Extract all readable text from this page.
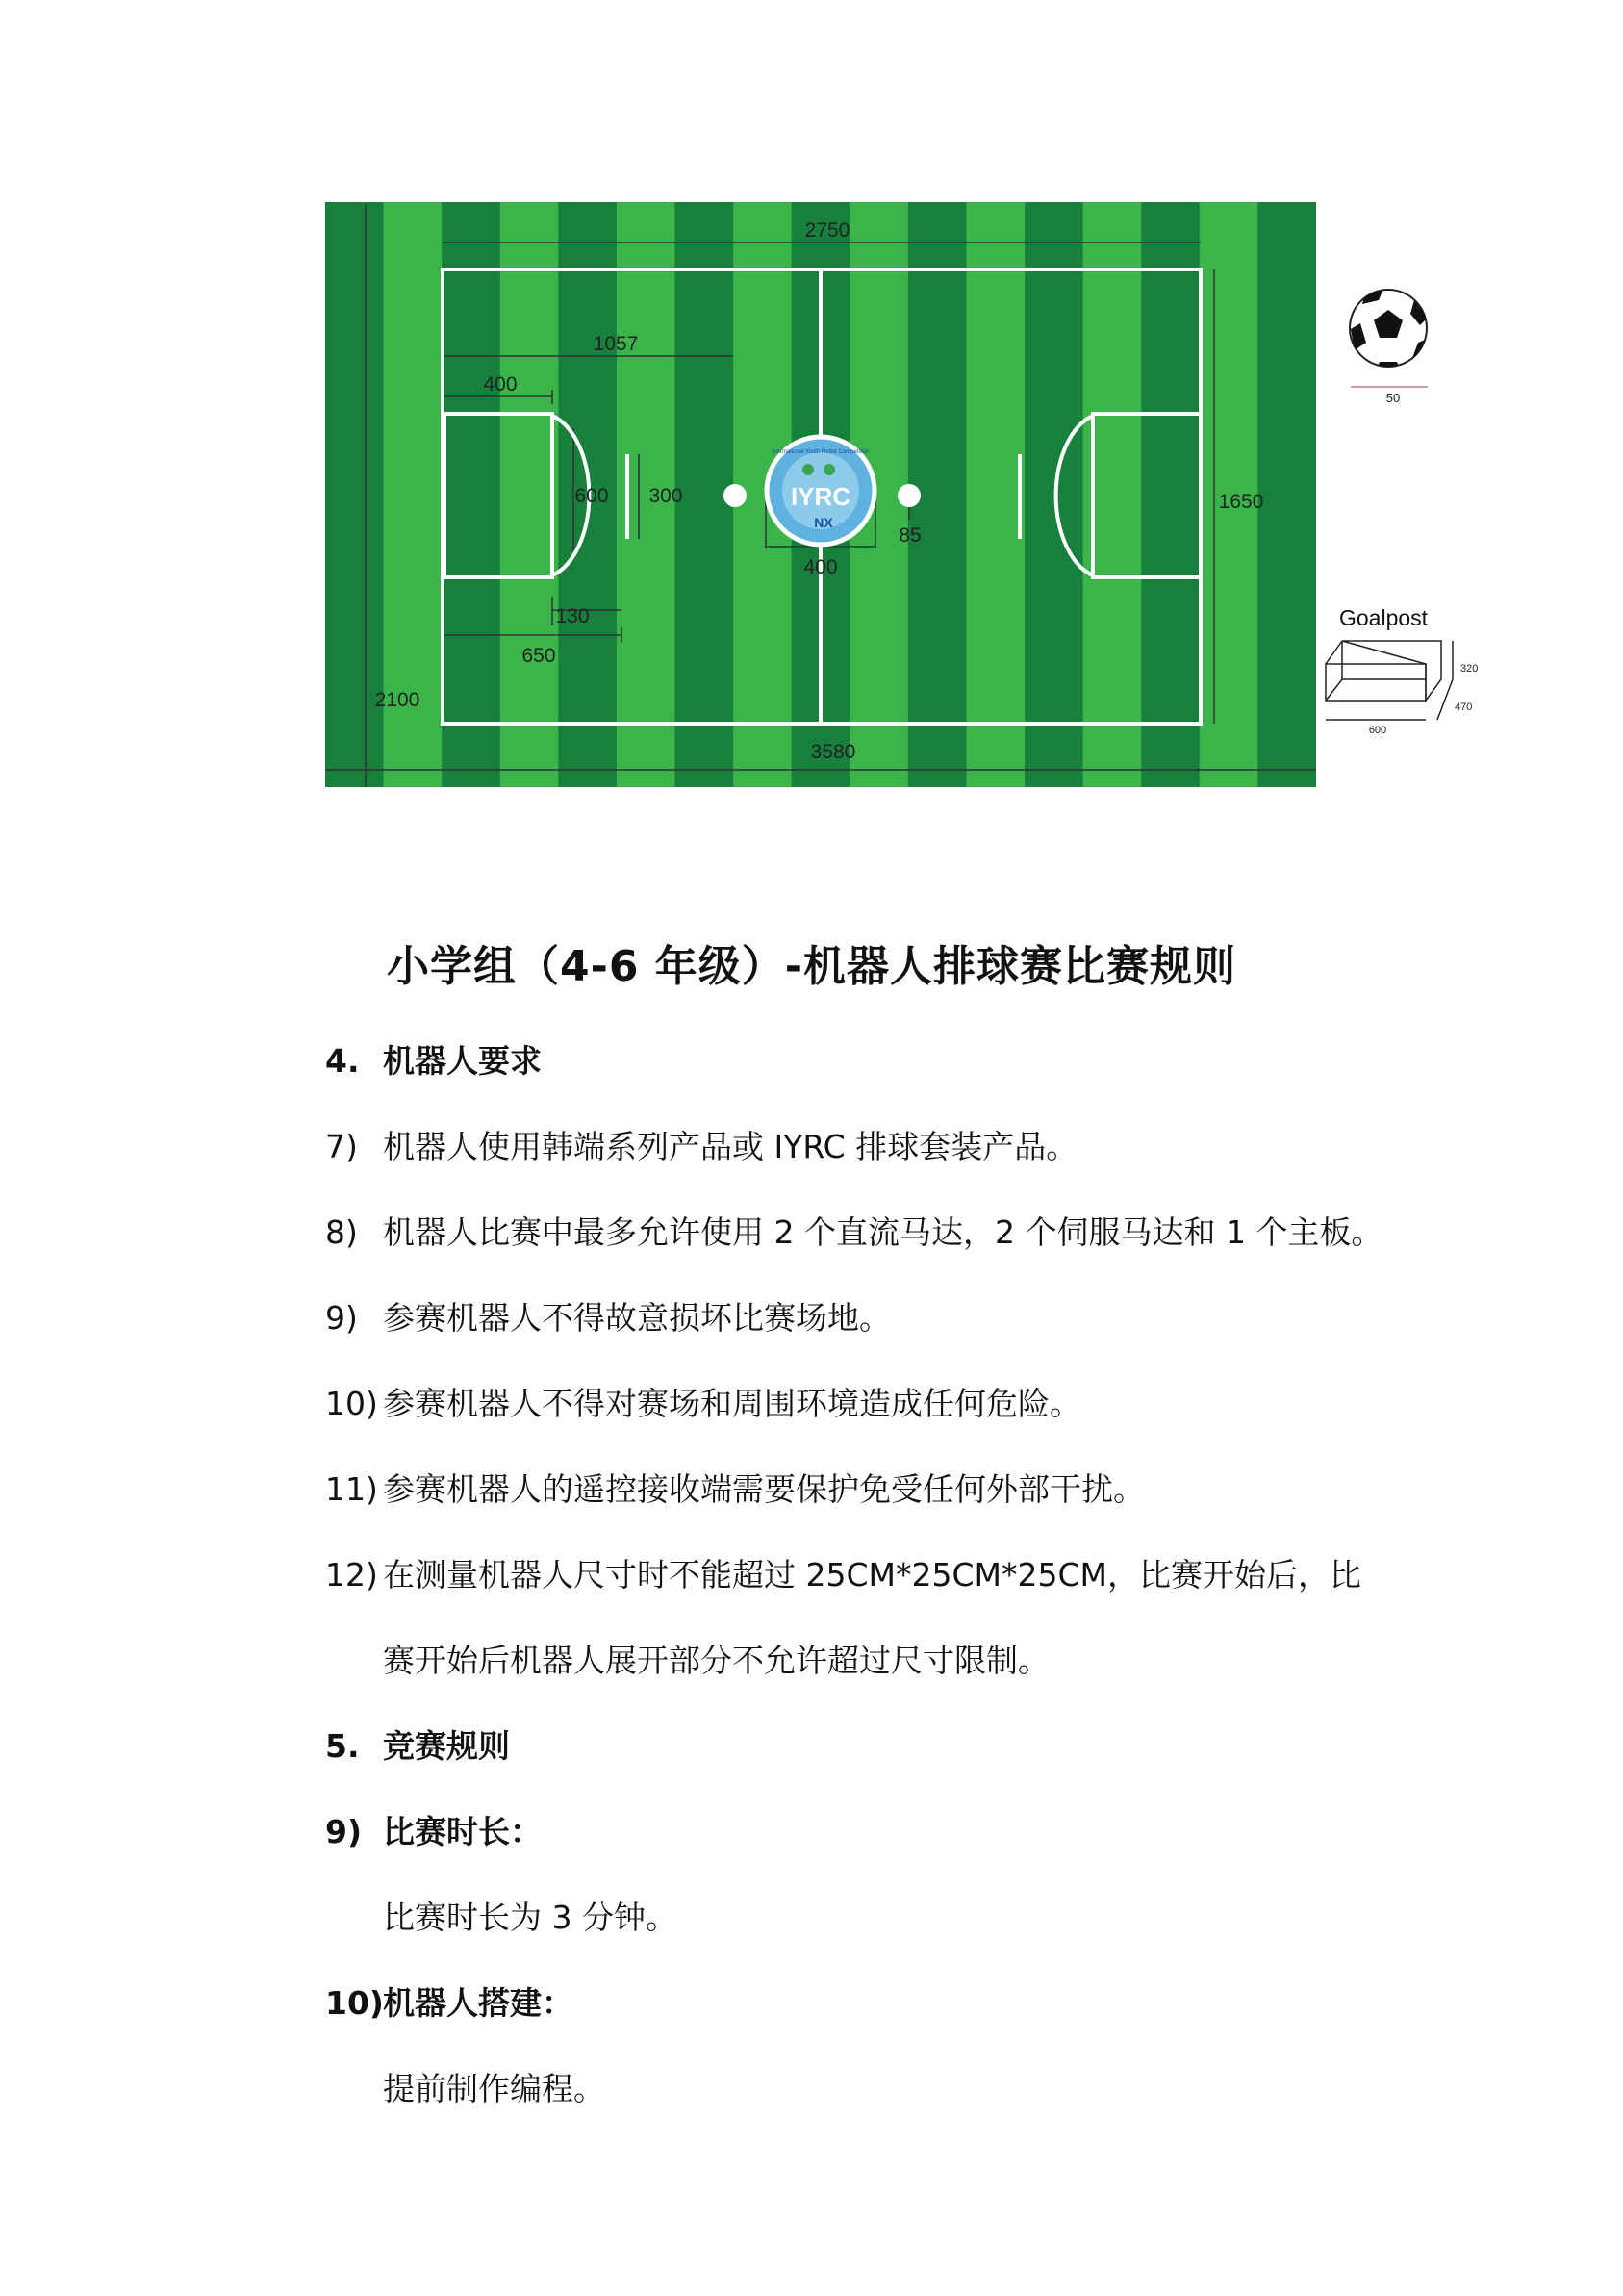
IYRC
NX
International Youth Robot Competition
2750
1057
400
600 300
130
650
400
85
1650
2100
3580
50
Goalpost
600
320
470
小学组（4-6 年级）-机器人排球赛比赛规则
4. 机器人要求
7) 机器人使用韩端系列产品或 IYRC 排球套装产品。
8) 机器人比赛中最多允许使用 2 个直流马达，2 个伺服马达和 1 个主板。
9) 参赛机器人不得故意损坏比赛场地。
10) 参赛机器人不得对赛场和周围环境造成任何危险。
11) 参赛机器人的遥控接收端需要保护免受任何外部干扰。
12) 在测量机器人尺寸时不能超过 25CM*25CM*25CM，比赛开始后，比
赛开始后机器人展开部分不允许超过尺寸限制。
5. 竞赛规则
9) 比赛时长：
比赛时长为 3 分钟。
10)机器人搭建：
提前制作编程。
